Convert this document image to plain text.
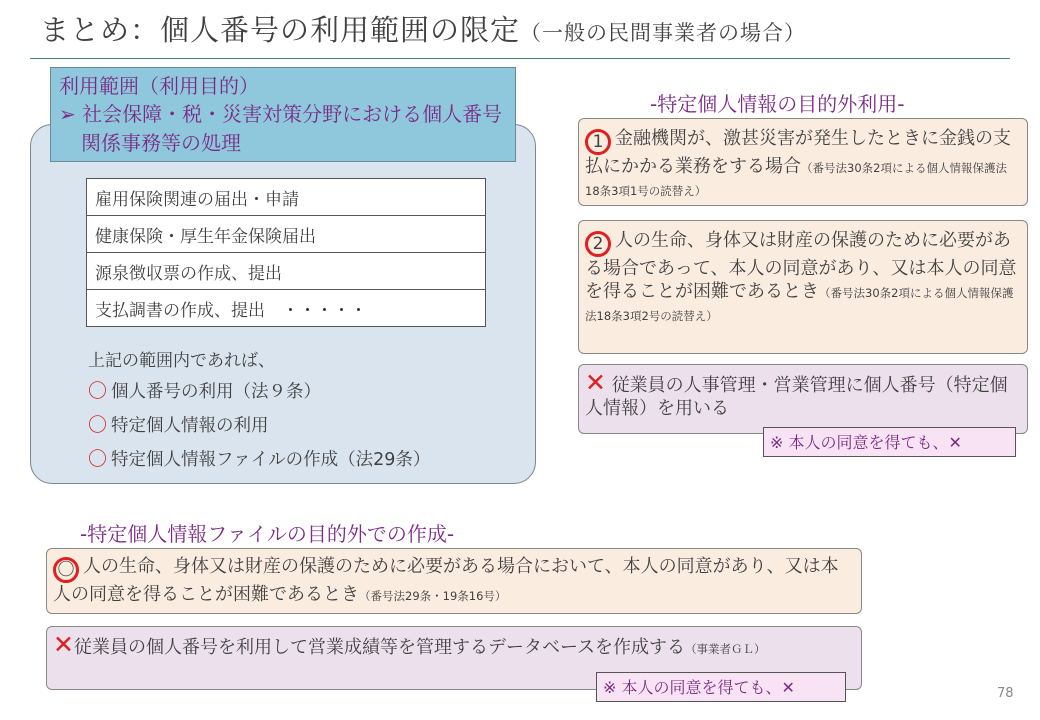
まとめ：個人番号の利用範囲の限定（一般の民間事業者の場合）
利用範囲（利用目的）
➢ 社会保障・税・災害対策分野における個人番号関係事務等の処理
雇用保険関連の届出・申請
健康保険・厚生年金保険届出
源泉徴収票の作成、提出
支払調書の作成、提出　・・・・・
上記の範囲内であれば、
〇 個人番号の利用（法９条）
〇 特定個人情報の利用
〇 特定個人情報ファイルの作成（法29条）
-特定個人情報の目的外利用-
1 金融機関が、激甚災害が発生したときに金銭の支払にかかる業務をする場合（番号法30条2項による個人情報保護法18条3項1号の読替え）
2 人の生命、身体又は財産の保護のために必要がある場合であって、本人の同意があり、又は本人の同意を得ることが困難であるとき（番号法30条2項による個人情報保護法18条3項2号の読替え）
✕ 従業員の人事管理・営業管理に個人番号（特定個人情報）を用いる
※ 本人の同意を得ても、✕
-特定個人情報ファイルの目的外での作成-
〇 人の生命、身体又は財産の保護のために必要がある場合において、本人の同意があり、又は本人の同意を得ることが困難であるとき（番号法29条・19条16号）
✕従業員の個人番号を利用して営業成績等を管理するデータベースを作成する（事業者ＧＬ）
※ 本人の同意を得ても、✕	78
